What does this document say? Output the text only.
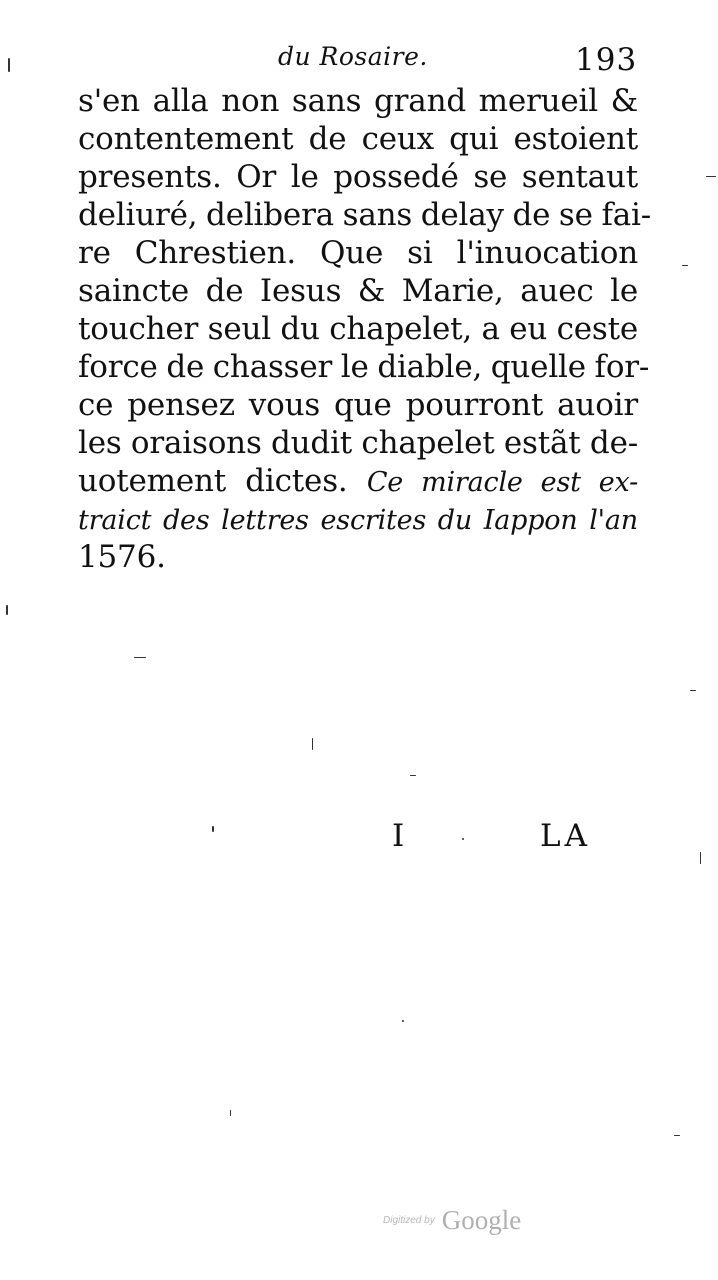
du Rosaire.	193
s'en alla non sans grand merueil &
contentement de ceux qui estoient
presents. Or le possedé se sentaut
deliuré, delibera sans delay de se fai-
re Chrestien. Que si l'inuocation
saincte de Iesus & Marie, auec le
toucher seul du chapelet, a eu ceste
force de chasser le diable, quelle for-
ce pensez vous que pourront auoir
les oraisons dudit chapelet estãt de-
uotement dictes. Ce miracle est ex-
traict des lettres escrites du Iappon l'an
1576.
I	LA
Digitized by Google
